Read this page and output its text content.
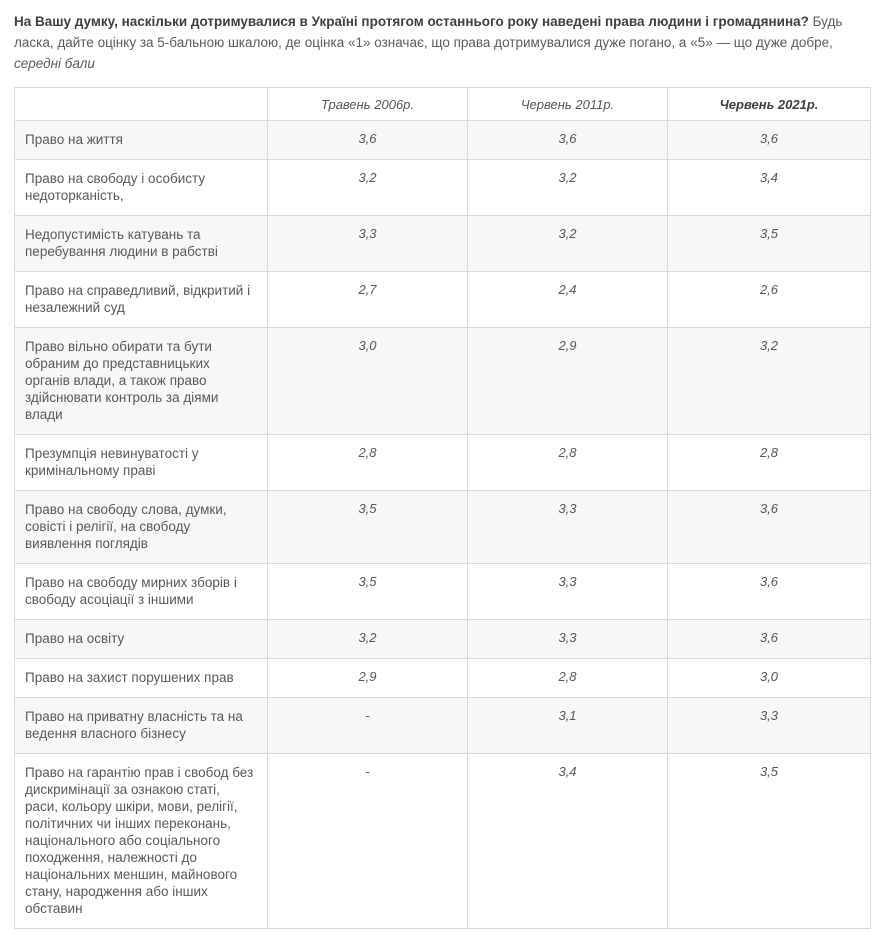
На Вашу думку, наскільки дотримувалися в Україні протягом останнього року наведені права людини і громадянина? Будь ласка, дайте оцінку за 5-бальною шкалою, де оцінка «1» означає, що права дотримувалися дуже погано, а «5» — що дуже добре, середні бали

	Травень 2006р.	Червень 2011р.	Червень 2021р.
Право на життя	3,6	3,6	3,6
Право на свободу і особисту недоторканість,	3,2	3,2	3,4
Недопустимість катувань та перебування людини в рабстві	3,3	3,2	3,5
Право на справедливий, відкритий і незалежний суд	2,7	2,4	2,6
Право вільно обирати та бути обраним до представницьких органів влади, а також право здійснювати контроль за діями влади	3,0	2,9	3,2
Презумпція невинуватості у кримінальному праві	2,8	2,8	2,8
Право на свободу слова, думки, совісті і релігії, на свободу виявлення поглядів	3,5	3,3	3,6
Право на свободу мирних зборів і свободу асоціації з іншими	3,5	3,3	3,6
Право на освіту	3,2	3,3	3,6
Право на захист порушених прав	2,9	2,8	3,0
Право на приватну власність та на ведення власного бізнесу	-	3,1	3,3
Право на гарантію прав і свобод без дискримінації за ознакою статі, раси, кольору шкіри, мови, релігії, політичних чи інших переконань, національного або соціального походження, належності до національних меншин, майнового стану, народження або інших обставин	-	3,4	3,5
